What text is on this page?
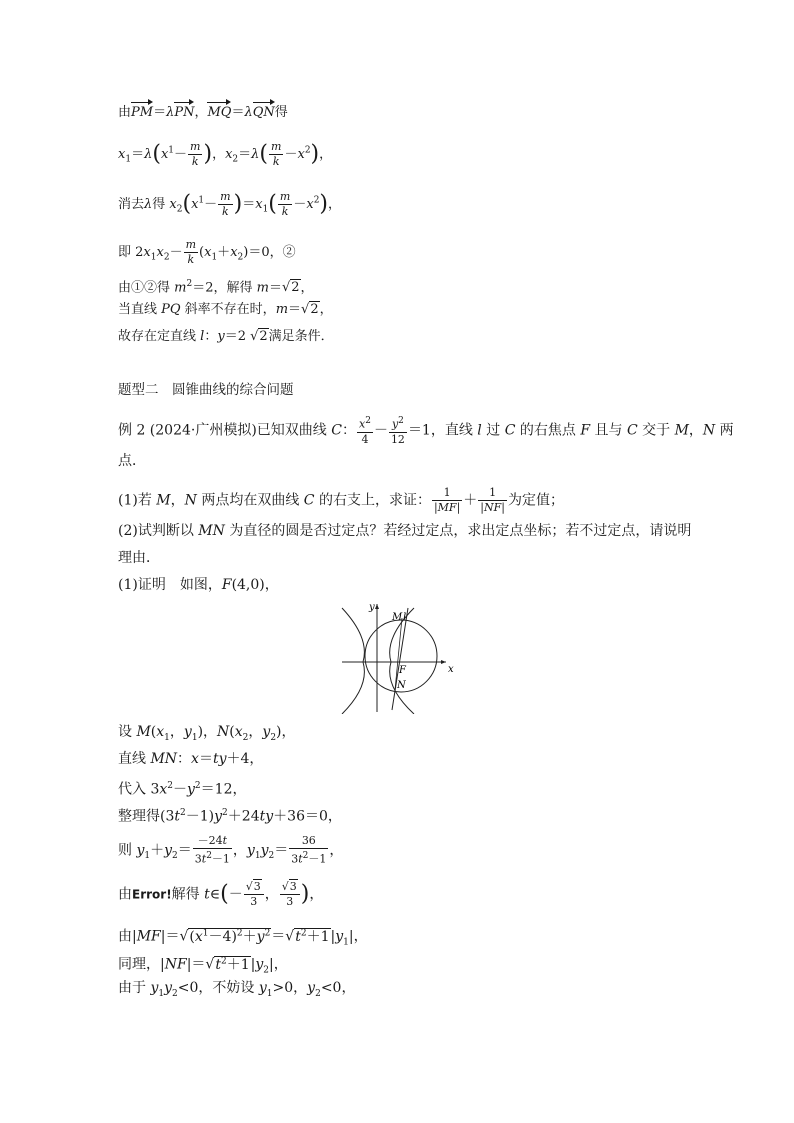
由PM＝λPN，MQ＝λQN得
$x_1=\lambda(x^1- \frac{m}{k}$ )，$x_2=\lambda( \frac{m}{k} -x^2)$，
消去λ得 $x_2(x^1- \frac{m}{k} )=x_1( \frac{m}{k} -x^2)$，
即 $2x_1x_2- \frac{m}{k} (x_1+x_2)=0$，②
由①②得 $m^2=2$，解得 m＝√2，
当直线 PQ 斜率不存在时，m＝√2，
故存在定直线 l：y＝2 √2满足条件．
题型二　圆锥曲线的综合问题
例 2 (2024·广州模拟)已知双曲线 C： $\frac{x^2}{4} - \frac{y^2}{12} =1$，直线 l 过 C 的右焦点 F 且与 C 交于 M，N 两
点．
(1)若 M，N 两点均在双曲线 C 的右支上，求证： $\frac{1}{|MF|} + \frac{1}{|NF|}$ 为定值；
(2)试判断以 MN 为直径的圆是否过定点？若经过定点，求出定点坐标；若不过定点，请说明
理由．
(1)证明　如图，F(4,0)，
y
x
M l
F
N
设 $M(x_1$，$y_1$)，$N(x_2$，$y_2$)，
直线 MN：x＝ty＋4，
代入 $3x^2-y^2=12$，
整理得$(3t^2-1)y^2+24ty+36=0$，
则 $y_1+y_2= \frac{-24t}{3t^2-1}$ ，$y_1y_2= \frac{36}{3t^2-1}$ ，
由Error!解得 t∈(－ $\frac{√3}{3}$ ， $\frac{√3}{3}$ )，
由$|MF|=√(x^1-4)^2+y^2=√t^2+1|y_1|$，
同理，$|NF|=√t^2+1|y_2|$，
由于 $y_1y_2<0$，不妨设 $y_1>0$，$y_2<0$，
